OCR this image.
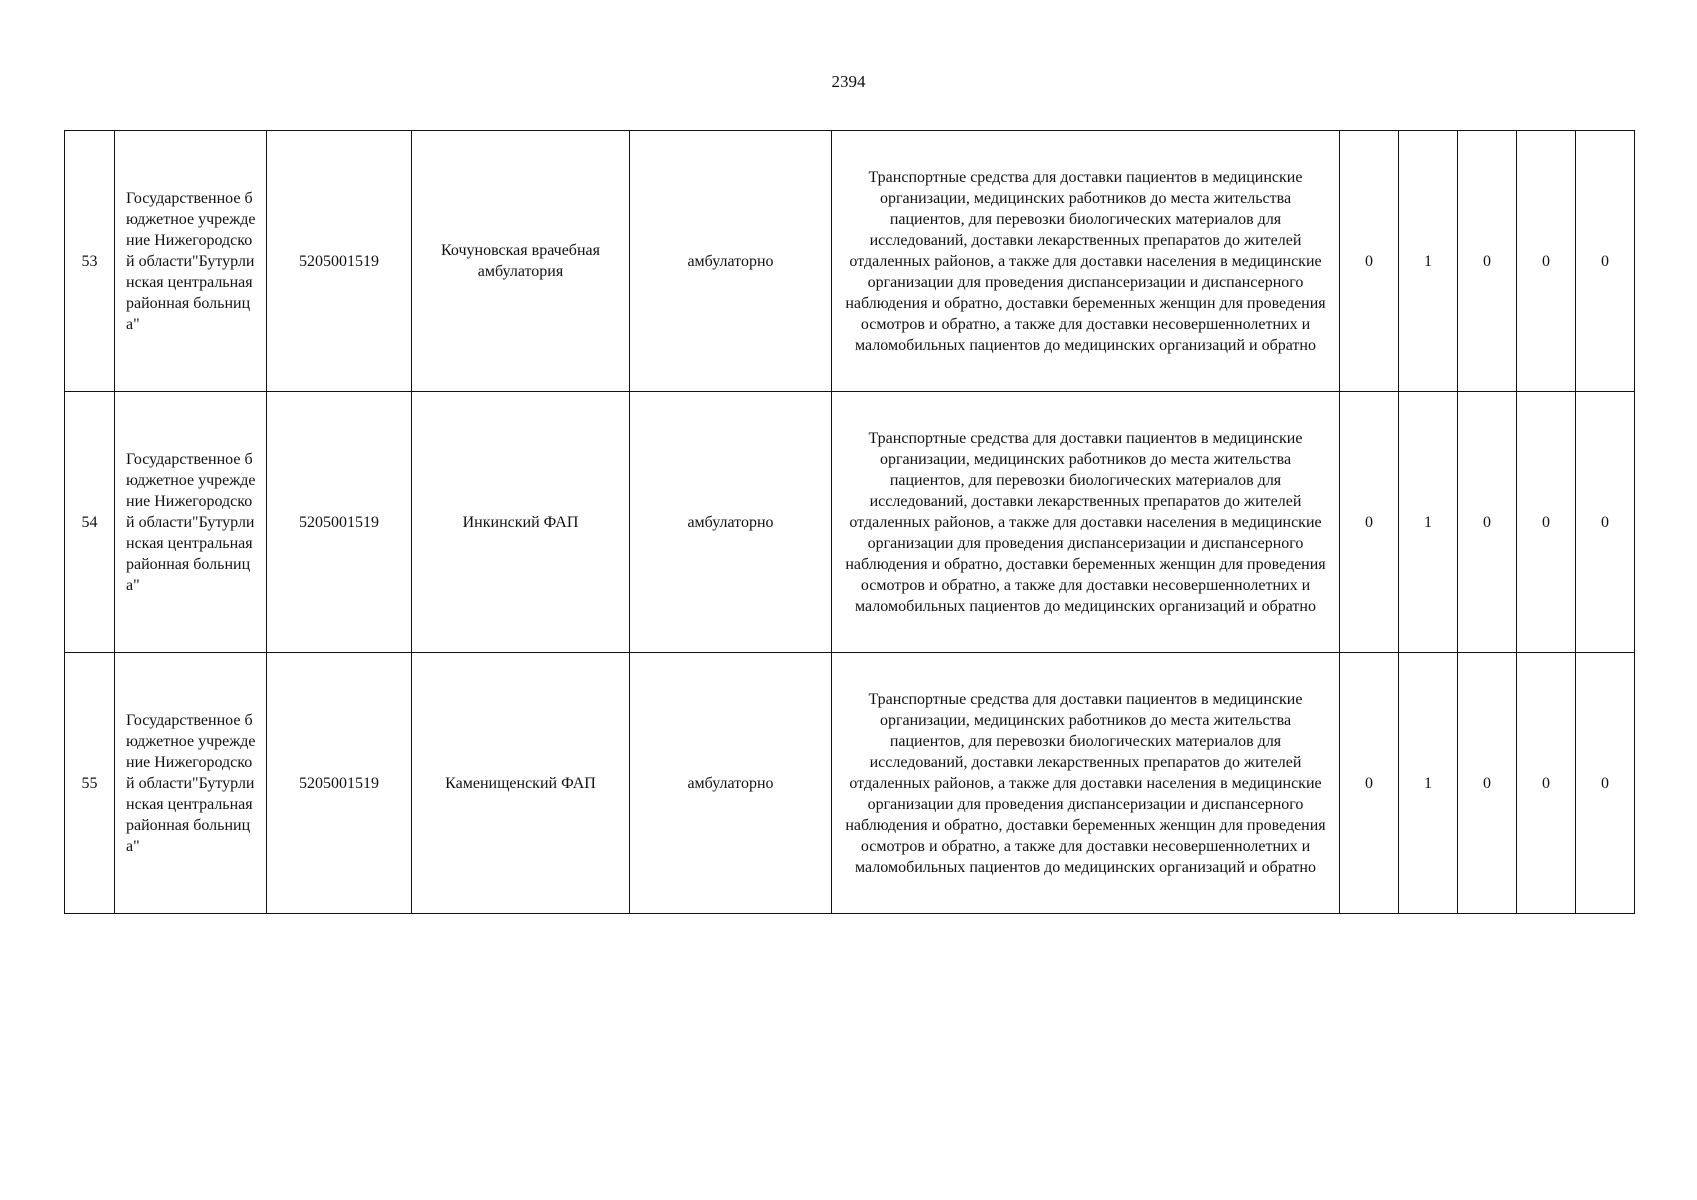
2394
53	Государственное бюджетное учреждение Нижегородской области"Бутурлинская центральная районная больница"	5205001519	Кочуновская врачебная амбулатория	амбулаторно	Транспортные средства для доставки пациентов в медицинские организации, медицинских работников до места жительства пациентов, для перевозки биологических материалов для исследований, доставки лекарственных препаратов до жителей отдаленных районов, а также для доставки населения в медицинские организации для проведения диспансеризации и диспансерного наблюдения и обратно, доставки беременных женщин для проведения осмотров и обратно, а также для доставки несовершеннолетних и маломобильных пациентов до медицинских организаций и обратно	0	1	0	0	0
54	Государственное бюджетное учреждение Нижегородской области"Бутурлинская центральная районная больница"	5205001519	Инкинский ФАП	амбулаторно	Транспортные средства для доставки пациентов в медицинские организации, медицинских работников до места жительства пациентов, для перевозки биологических материалов для исследований, доставки лекарственных препаратов до жителей отдаленных районов, а также для доставки населения в медицинские организации для проведения диспансеризации и диспансерного наблюдения и обратно, доставки беременных женщин для проведения осмотров и обратно, а также для доставки несовершеннолетних и маломобильных пациентов до медицинских организаций и обратно	0	1	0	0	0
55	Государственное бюджетное учреждение Нижегородской области"Бутурлинская центральная районная больница"	5205001519	Каменищенский ФАП	амбулаторно	Транспортные средства для доставки пациентов в медицинские организации, медицинских работников до места жительства пациентов, для перевозки биологических материалов для исследований, доставки лекарственных препаратов до жителей отдаленных районов, а также для доставки населения в медицинские организации для проведения диспансеризации и диспансерного наблюдения и обратно, доставки беременных женщин для проведения осмотров и обратно, а также для доставки несовершеннолетних и маломобильных пациентов до медицинских организаций и обратно	0	1	0	0	0
